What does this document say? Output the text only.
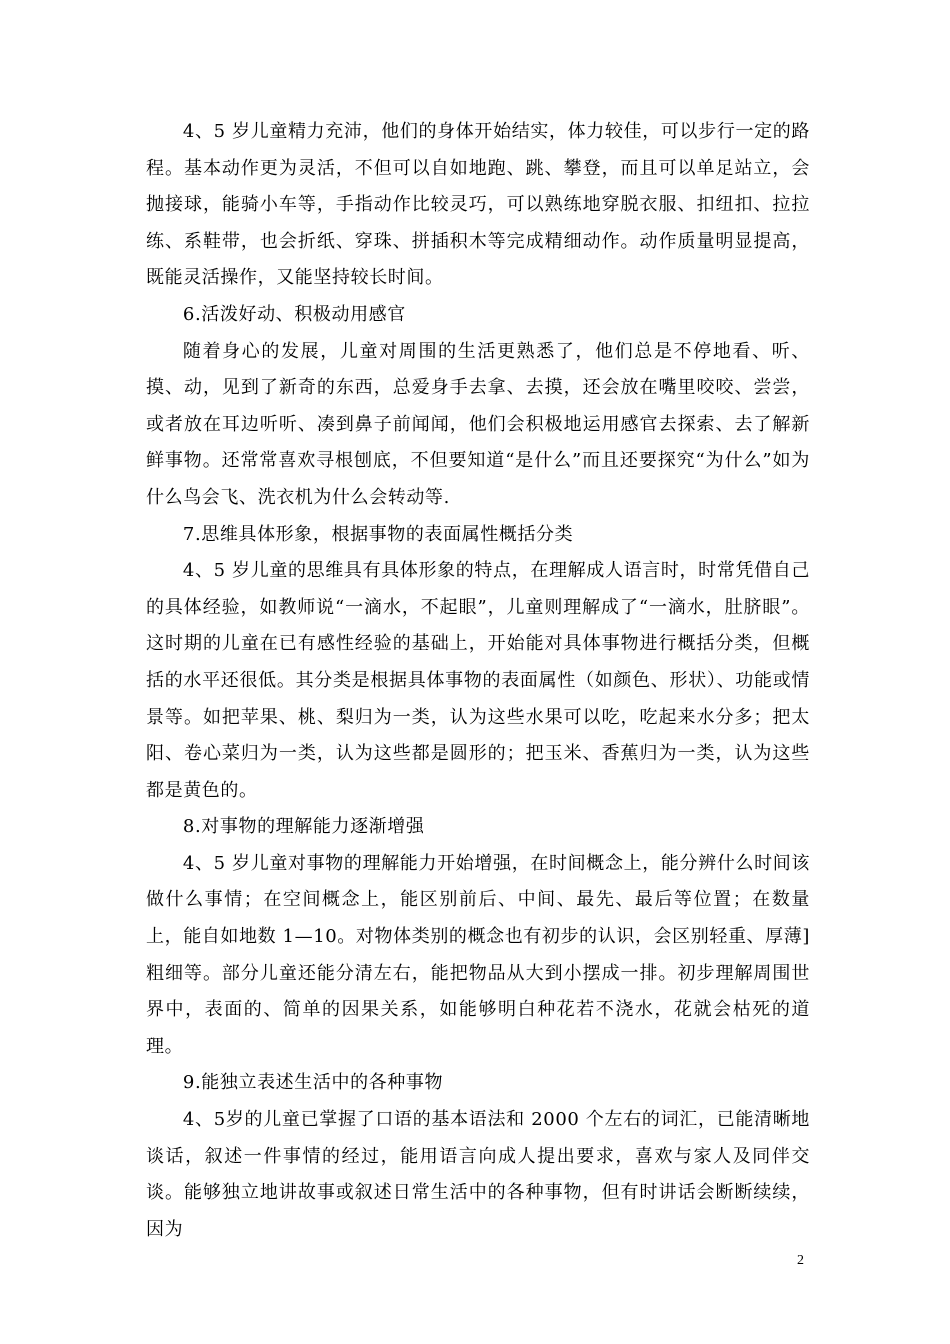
4、5 岁儿童精力充沛，他们的身体开始结实，体力较佳，可以步行一定的路程。基本动作更为灵活，不但可以自如地跑、跳、攀登，而且可以单足站立，会抛接球，能骑小车等，手指动作比较灵巧，可以熟练地穿脱衣服、扣纽扣、拉拉练、系鞋带，也会折纸、穿珠、拼插积木等完成精细动作。动作质量明显提高，既能灵活操作，又能坚持较长时间。

6.活泼好动、积极动用感官

随着身心的发展，儿童对周围的生活更熟悉了，他们总是不停地看、听、摸、动，见到了新奇的东西，总爱身手去拿、去摸，还会放在嘴里咬咬、尝尝，或者放在耳边听听、凑到鼻子前闻闻，他们会积极地运用感官去探索、去了解新鲜事物。还常常喜欢寻根刨底，不但要知道“是什么”而且还要探究“为什么”如为什么鸟会飞、洗衣机为什么会转动等.

7.思维具体形象，根据事物的表面属性概括分类

4、5 岁儿童的思维具有具体形象的特点，在理解成人语言时，时常凭借自己的具体经验，如教师说“一滴水，不起眼”，儿童则理解成了“一滴水，肚脐眼”。这时期的儿童在已有感性经验的基础上，开始能对具体事物进行概括分类，但概括的水平还很低。其分类是根据具体事物的表面属性（如颜色、形状）、功能或情景等。如把苹果、桃、梨归为一类，认为这些水果可以吃，吃起来水分多；把太阳、卷心菜归为一类，认为这些都是圆形的；把玉米、香蕉归为一类，认为这些都是黄色的。

8.对事物的理解能力逐渐增强

4、5 岁儿童对事物的理解能力开始增强，在时间概念上，能分辨什么时间该做什么事情；在空间概念上，能区别前后、中间、最先、最后等位置；在数量上，能自如地数 1—10。对物体类别的概念也有初步的认识，会区别轻重、厚薄]粗细等。部分儿童还能分清左右，能把物品从大到小摆成一排。初步理解周围世界中，表面的、简单的因果关系，如能够明白种花若不浇水，花就会枯死的道理。

9.能独立表述生活中的各种事物

4、5岁的儿童已掌握了口语的基本语法和 2000 个左右的词汇，已能清晰地谈话，叙述一件事情的经过，能用语言向成人提出要求，喜欢与家人及同伴交谈。能够独立地讲故事或叙述日常生活中的各种事物，但有时讲话会断断续续，因为

2
